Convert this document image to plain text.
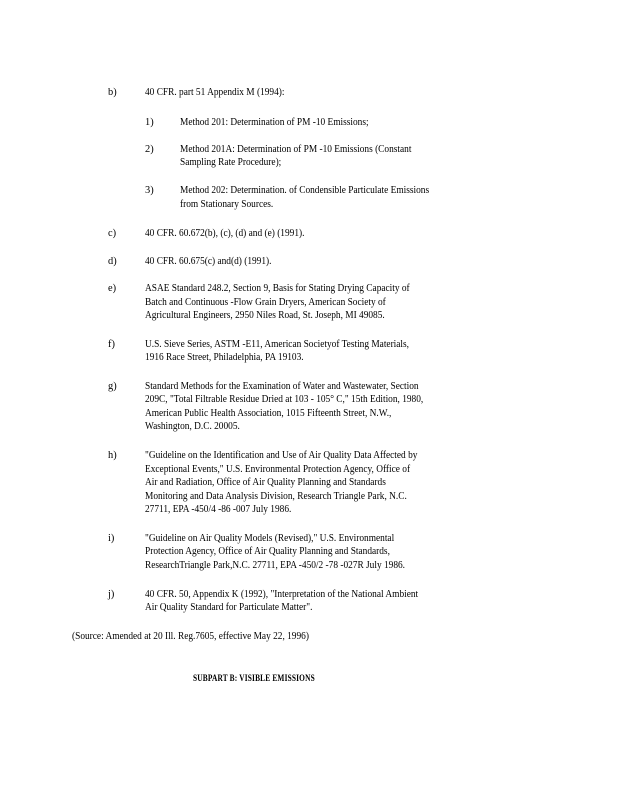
b)	40 CFR. part 51 Appendix M (1994):
1)	Method 201: Determination of PM -10 Emissions;
2)	Method 201A: Determination of PM -10 Emissions (Constant
Sampling Rate Procedure);
3)	Method 202: Determination. of Condensible Particulate Emissions
from Stationary Sources.
c)	40 CFR. 60.672(b), (c), (d) and (e) (1991).
d)	40 CFR. 60.675(c) and(d) (1991).
e)	ASAE Standard 248.2, Section 9, Basis for Stating Drying Capacity of
Batch and Continuous -Flow Grain Dryers, American Society of
Agricultural Engineers, 2950 Niles Road, St. Joseph, MI 49085.
f)	U.S. Sieve Series, ASTM -E11, American Societyof Testing Materials,
1916 Race Street, Philadelphia, PA 19103.
g)	Standard Methods for the Examination of Water and Wastewater, Section
209C, "Total Filtrable Residue Dried at 103 - 105° C," 15th Edition, 1980,
American Public Health Association, 1015 Fifteenth Street, N.W.,
Washington, D.C. 20005.
h)	"Guideline on the Identification and Use of Air Quality Data Affected by
Exceptional Events," U.S. Environmental Protection Agency, Office of
Air and Radiation, Office of Air Quality Planning and Standards
Monitoring and Data Analysis Division, Research Triangle Park, N.C.
27711, EPA -450/4 -86 -007 July 1986.
i)	"Guideline on Air Quality Models (Revised)," U.S. Environmental
Protection Agency, Office of Air Quality Planning and Standards,
ResearchTriangle Park,N.C. 27711, EPA -450/2 -78 -027R July 1986.
j)	40 CFR. 50, Appendix K (1992), "Interpretation of the National Ambient
Air Quality Standard for Particulate Matter".
(Source: Amended at 20 Ill. Reg.7605, effective May 22, 1996)
SUBPART B: VISIBLE EMISSIONS
